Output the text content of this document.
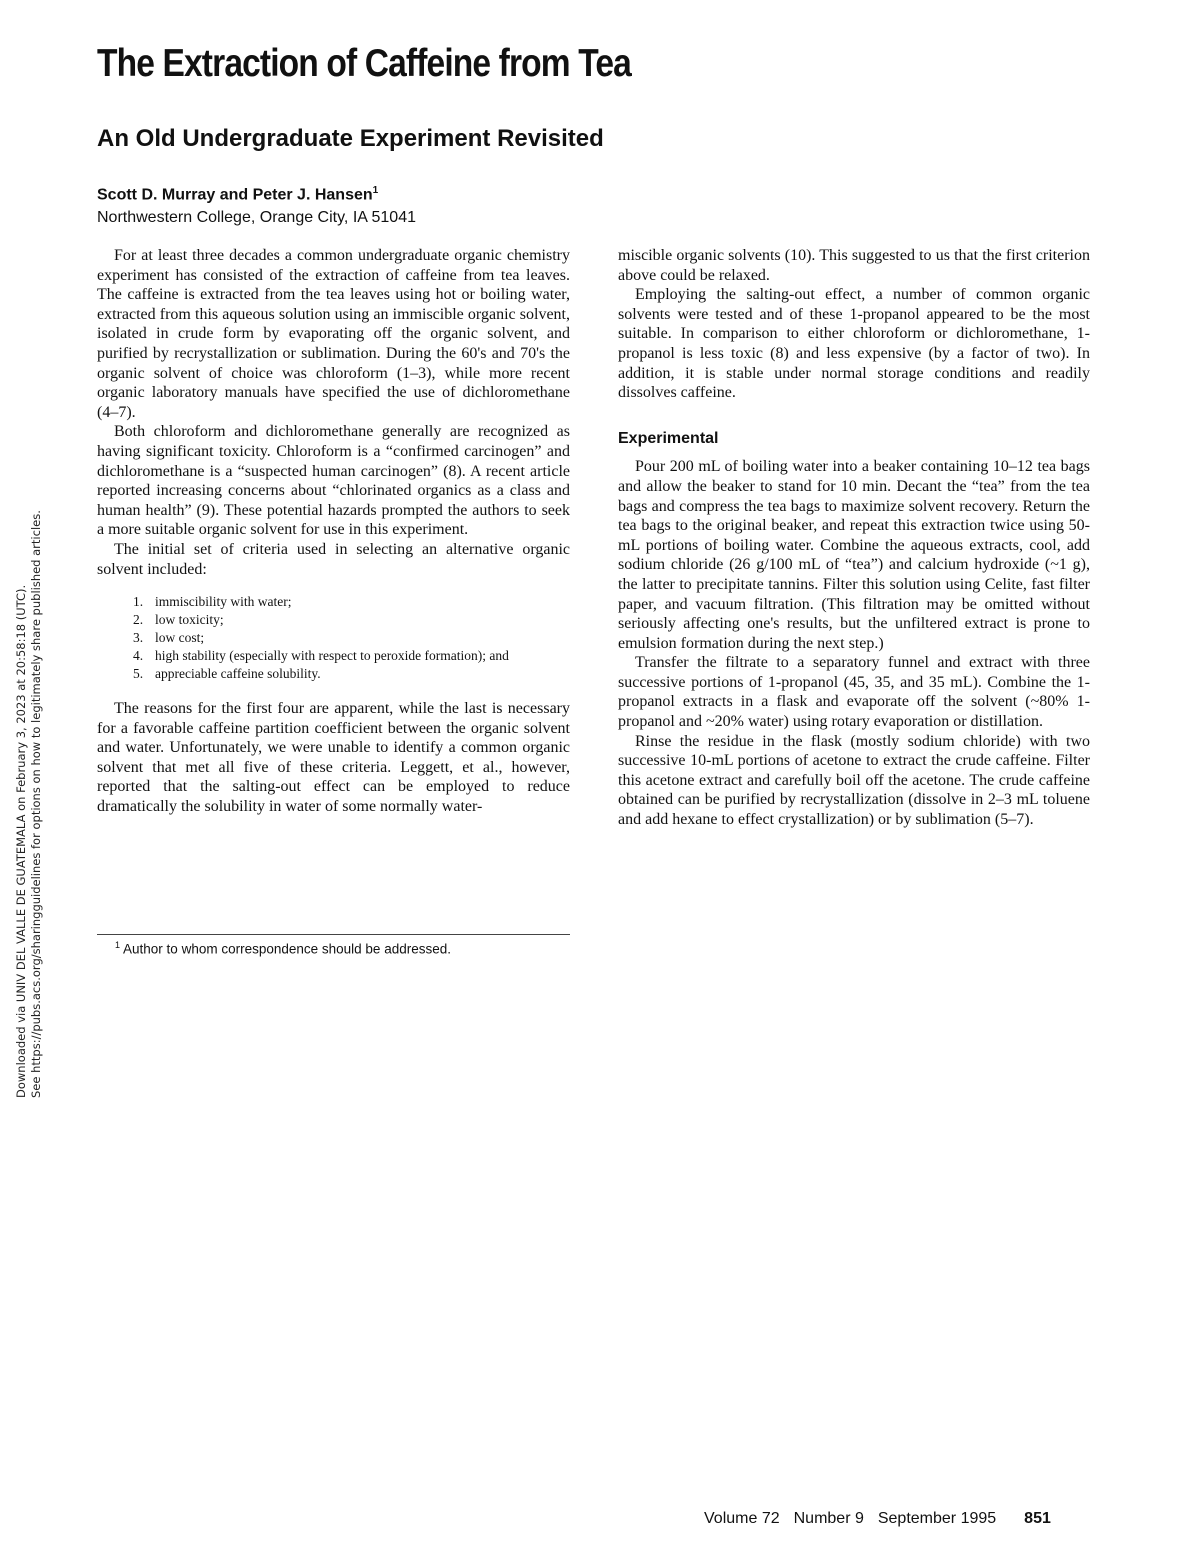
The Extraction of Caffeine from Tea
An Old Undergraduate Experiment Revisited
Scott D. Murray and Peter J. Hansen$^1$
Northwestern College, Orange City, IA 51041

For at least three decades a common undergraduate organic chemistry experiment has consisted of the extraction of caffeine from tea leaves. The caffeine is extracted from the tea leaves using hot or boiling water, extracted from this aqueous solution using an immiscible organic solvent, isolated in crude form by evaporating off the organic solvent, and purified by recrystallization or sublimation. During the 60's and 70's the organic solvent of choice was chloroform (1–3), while more recent organic laboratory manuals have specified the use of dichloromethane (4–7).

Both chloroform and dichloromethane generally are recognized as having significant toxicity. Chloroform is a “confirmed carcinogen” and dichloromethane is a “suspected human carcinogen” (8). A recent article reported increasing concerns about “chlorinated organics as a class and human health” (9). These potential hazards prompted the authors to seek a more suitable organic solvent for use in this experiment.

The initial set of criteria used in selecting an alternative organic solvent included:

1. immiscibility with water;
2. low toxicity;
3. low cost;
4. high stability (especially with respect to peroxide formation); and
5. appreciable caffeine solubility.

The reasons for the first four are apparent, while the last is necessary for a favorable caffeine partition coefficient between the organic solvent and water. Unfortunately, we were unable to identify a common organic solvent that met all five of these criteria. Leggett, et al., however, reported that the salting-out effect can be employed to reduce dramatically the solubility in water of some normally water-

miscible organic solvents (10). This suggested to us that the first criterion above could be relaxed.

Employing the salting-out effect, a number of common organic solvents were tested and of these 1-propanol appeared to be the most suitable. In comparison to either chloroform or dichloromethane, 1-propanol is less toxic (8) and less expensive (by a factor of two). In addition, it is stable under normal storage conditions and readily dissolves caffeine.

Experimental

Pour 200 mL of boiling water into a beaker containing 10–12 tea bags and allow the beaker to stand for 10 min. Decant the “tea” from the tea bags and compress the tea bags to maximize solvent recovery. Return the tea bags to the original beaker, and repeat this extraction twice using 50-mL portions of boiling water. Combine the aqueous extracts, cool, add sodium chloride (26 g/100 mL of “tea”) and calcium hydroxide (~1 g), the latter to precipitate tannins. Filter this solution using Celite, fast filter paper, and vacuum filtration. (This filtration may be omitted without seriously affecting one's results, but the unfiltered extract is prone to emulsion formation during the next step.)

Transfer the filtrate to a separatory funnel and extract with three successive portions of 1-propanol (45, 35, and 35 mL). Combine the 1-propanol extracts in a flask and evaporate off the solvent (~80% 1-propanol and ~20% water) using rotary evaporation or distillation.

Rinse the residue in the flask (mostly sodium chloride) with two successive 10-mL portions of acetone to extract the crude caffeine. Filter this acetone extract and carefully boil off the acetone. The crude caffeine obtained can be purified by recrystallization (dissolve in 2–3 mL toluene and add hexane to effect crystallization) or by sublimation (5–7).

$^1$ Author to whom correspondence should be addressed.
Downloaded via UNIV DEL VALLE DE GUATEMALA on February 3, 2023 at 20:58:18 (UTC). See https://pubs.acs.org/sharingguidelines for options on how to legitimately share published articles.
Volume 72 Number 9 September 1995 851
